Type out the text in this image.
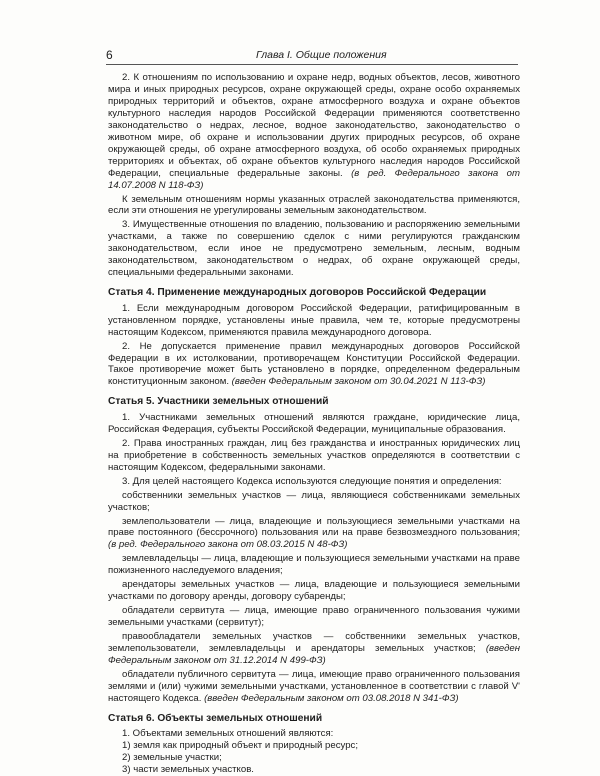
6	Глава I. Общие положения

2. К отношениям по использованию и охране недр, водных объектов, лесов, животного мира и иных природных ресурсов, охране окружающей среды, охране особо охраняемых природных территорий и объектов, охране атмосферного воздуха и охране объектов культурного наследия народов Российской Федерации применяются соответственно законодательство о недрах, лесное, водное законодательство, законодательство о животном мире, об охране и использовании других природных ресурсов, об охране окружающей среды, об охране атмосферного воздуха, об особо охраняемых природных территориях и объектах, об охране объектов культурного наследия народов Российской Федерации, специальные федеральные законы. (в ред. Федерального закона от 14.07.2008 N 118-ФЗ)

К земельным отношениям нормы указанных отраслей законодательства применяются, если эти отношения не урегулированы земельным законодательством.

3. Имущественные отношения по владению, пользованию и распоряжению земельными участками, а также по совершению сделок с ними регулируются гражданским законодательством, если иное не предусмотрено земельным, лесным, водным законодательством, законодательством о недрах, об охране окружающей среды, специальными федеральными законами.

Статья 4. Применение международных договоров Российской Федерации

1. Если международным договором Российской Федерации, ратифицированным в установленном порядке, установлены иные правила, чем те, которые предусмотрены настоящим Кодексом, применяются правила международного договора.

2. Не допускается применение правил международных договоров Российской Федерации в их истолковании, противоречащем Конституции Российской Федерации. Такое противоречие может быть установлено в порядке, определенном федеральным конституционным законом. (введен Федеральным законом от 30.04.2021 N 113-ФЗ)

Статья 5. Участники земельных отношений

1. Участниками земельных отношений являются граждане, юридические лица, Российская Федерация, субъекты Российской Федерации, муниципальные образования.

2. Права иностранных граждан, лиц без гражданства и иностранных юридических лиц на приобретение в собственность земельных участков определяются в соответствии с настоящим Кодексом, федеральными законами.

3. Для целей настоящего Кодекса используются следующие понятия и определения:

собственники земельных участков — лица, являющиеся собственниками земельных участков;

землепользователи — лица, владеющие и пользующиеся земельными участками на праве постоянного (бессрочного) пользования или на праве безвозмездного пользования; (в ред. Федерального закона от 08.03.2015 N 48-ФЗ)

землевладельцы — лица, владеющие и пользующиеся земельными участками на праве пожизненного наследуемого владения;

арендаторы земельных участков — лица, владеющие и пользующиеся земельными участками по договору аренды, договору субаренды;

обладатели сервитута — лица, имеющие право ограниченного пользования чужими земельными участками (сервитут);

правообладатели земельных участков — собственники земельных участков, землепользователи, землевладельцы и арендаторы земельных участков; (введен Федеральным законом от 31.12.2014 N 499-ФЗ)

обладатели публичного сервитута — лица, имеющие право ограниченного пользования землями и (или) чужими земельными участками, установленное в соответствии с главой V' настоящего Кодекса. (введен Федеральным законом от 03.08.2018 N 341-ФЗ)

Статья 6. Объекты земельных отношений

1. Объектами земельных отношений являются:

1) земля как природный объект и природный ресурс;

2) земельные участки;

3) части земельных участков.
